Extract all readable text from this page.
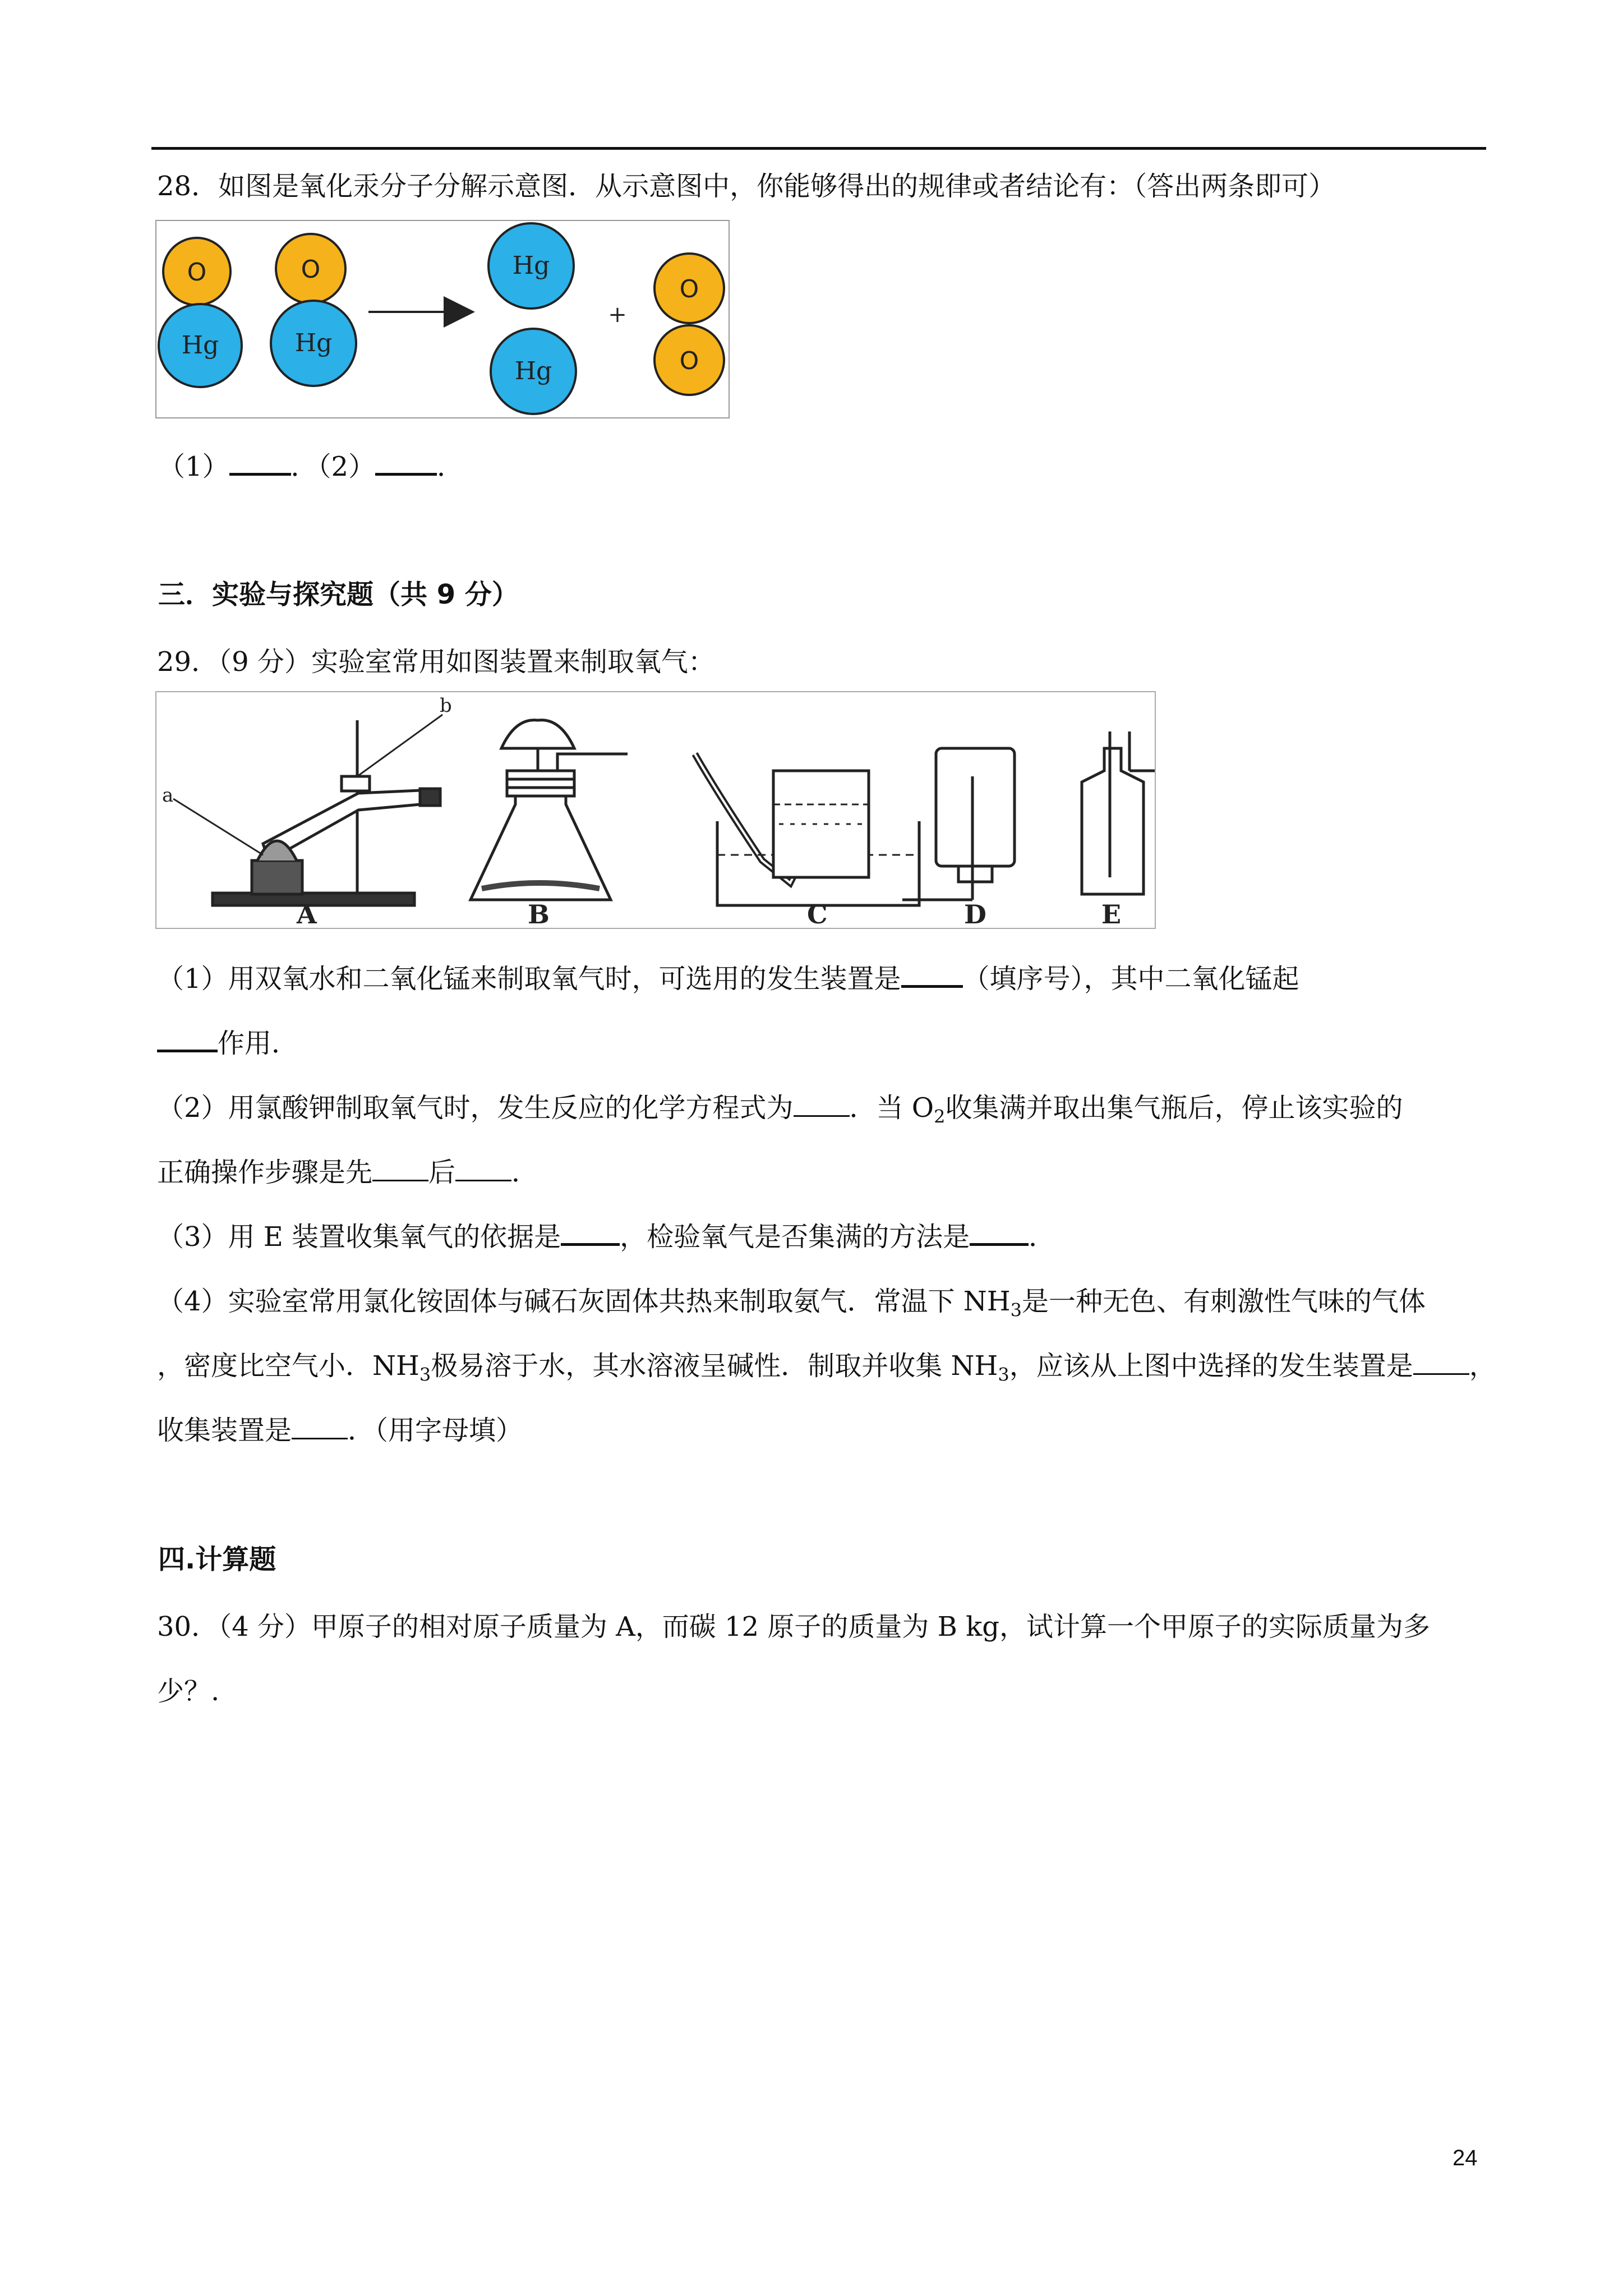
28．如图是氧化汞分子分解示意图．从示意图中，你能够得出的规律或者结论有：（答出两条即可）
O
Hg
O
Hg
Hg
Hg
+
O
O
（1） ．（2） ．
三．实验与探究题（共 9 分）
29．（9 分）实验室常用如图装置来制取氧气：
a
b
A	B	C	D	E
（1）用双氧水和二氧化锰来制取氧气时，可选用的发生装置是 （填序号），其中二氧化锰起
作用．
（2）用氯酸钾制取氧气时，发生反应的化学方程式为 ．当 $O_2$收集满并取出集气瓶后，停止该实验的
正确操作步骤是先 后 ．
（3）用 E 装置收集氧气的依据是 ，检验氧气是否集满的方法是 ．
（4）实验室常用氯化铵固体与碱石灰固体共热来制取氨气．常温下 $NH_3$是一种无色、有刺激性气味的气体
，密度比空气小．$NH_3$极易溶于水，其水溶液呈碱性．制取并收集 $NH_3$，应该从上图中选择的发生装置是 ，
收集装置是 ．（用字母填）
四.计算题
30．（4 分）甲原子的相对原子质量为 A，而碳 12 原子的质量为 B kg，试计算一个甲原子的实际质量为多
少？.
24
